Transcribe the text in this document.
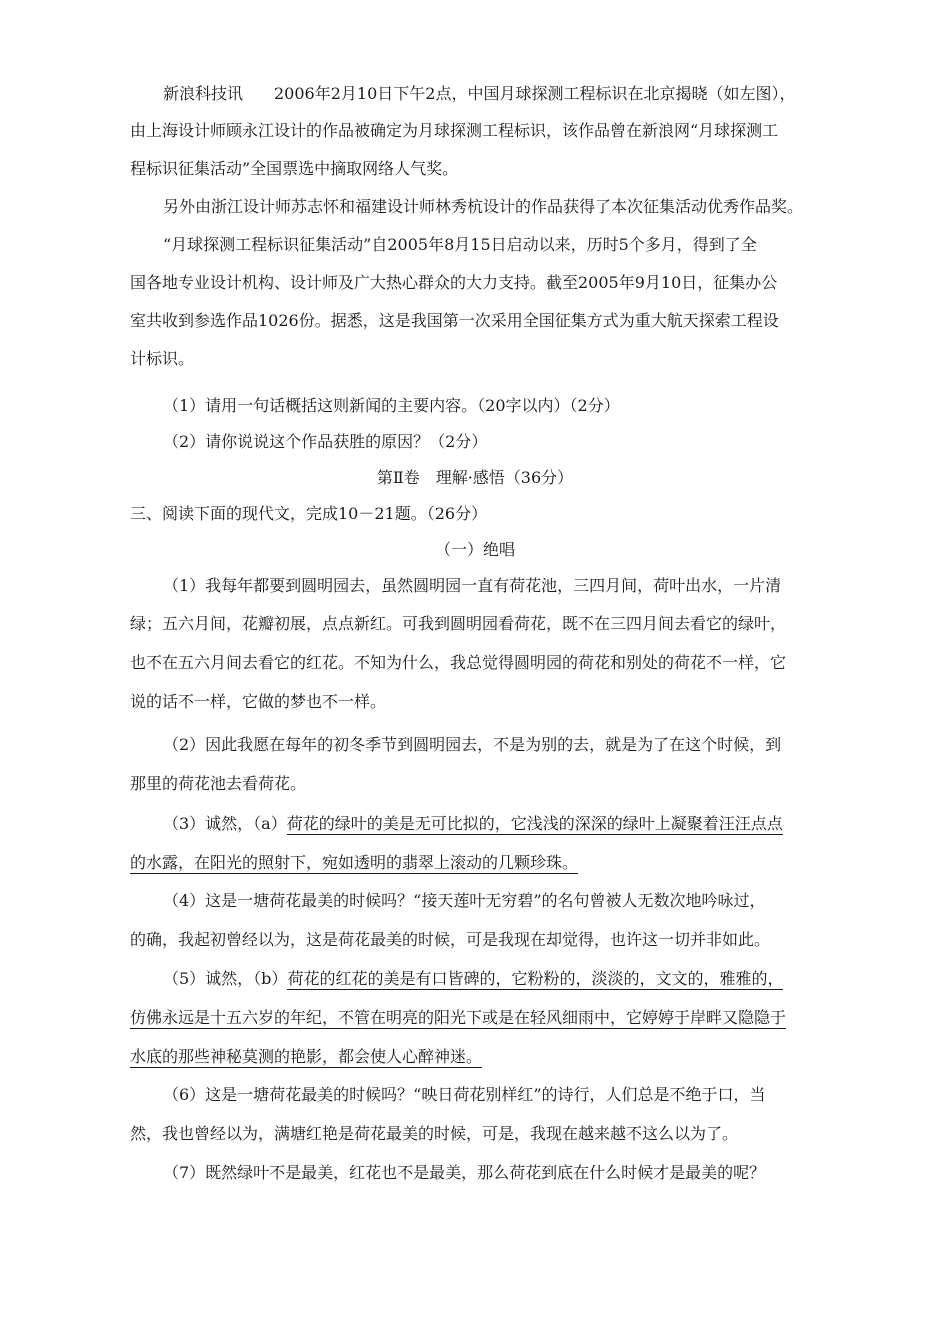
新浪科技讯 2006年2月10日下午2点，中国月球探测工程标识在北京揭晓（如左图），
由上海设计师顾永江设计的作品被确定为月球探测工程标识，该作品曾在新浪网“月球探测工
程标识征集活动”全国票选中摘取网络人气奖。
另外由浙江设计师苏志怀和福建设计师林秀杭设计的作品获得了本次征集活动优秀作品奖。
“月球探测工程标识征集活动”自2005年8月15日启动以来，历时5个多月，得到了全
国各地专业设计机构、设计师及广大热心群众的大力支持。截至2005年9月10日，征集办公
室共收到参选作品1026份。据悉，这是我国第一次采用全国征集方式为重大航天探索工程设
计标识。
（1）请用一句话概括这则新闻的主要内容。（20字以内）（2分）
（2）请你说说这个作品获胜的原因？（2分）
第Ⅱ卷　理解·感悟（36分）
三、阅读下面的现代文，完成10－21题。（26分）
（一）绝唱
（1）我每年都要到圆明园去，虽然圆明园一直有荷花池，三四月间，荷叶出水，一片清
绿；五六月间，花瓣初展，点点新红。可我到圆明园看荷花，既不在三四月间去看它的绿叶，
也不在五六月间去看它的红花。不知为什么，我总觉得圆明园的荷花和别处的荷花不一样，它
说的话不一样，它做的梦也不一样。
（2）因此我愿在每年的初冬季节到圆明园去，不是为别的去，就是为了在这个时候，到
那里的荷花池去看荷花。
（3）诚然，（a）荷花的绿叶的美是无可比拟的，它浅浅的深深的绿叶上凝聚着汪汪点点
的水露，在阳光的照射下，宛如透明的翡翠上滚动的几颗珍珠。
（4）这是一塘荷花最美的时候吗？“接天莲叶无穷碧”的名句曾被人无数次地吟咏过，
的确，我起初曾经以为，这是荷花最美的时候，可是我现在却觉得，也许这一切并非如此。
（5）诚然，（b）荷花的红花的美是有口皆碑的，它粉粉的，淡淡的，文文的，雅雅的，
仿佛永远是十五六岁的年纪，不管在明亮的阳光下或是在轻风细雨中，它婷婷于岸畔又隐隐于
水底的那些神秘莫测的艳影，都会使人心醉神迷。
（6）这是一塘荷花最美的时候吗？“映日荷花别样红”的诗行，人们总是不绝于口，当
然，我也曾经以为，满塘红艳是荷花最美的时候，可是，我现在越来越不这么以为了。
（7）既然绿叶不是最美，红花也不是最美，那么荷花到底在什么时候才是最美的呢？
